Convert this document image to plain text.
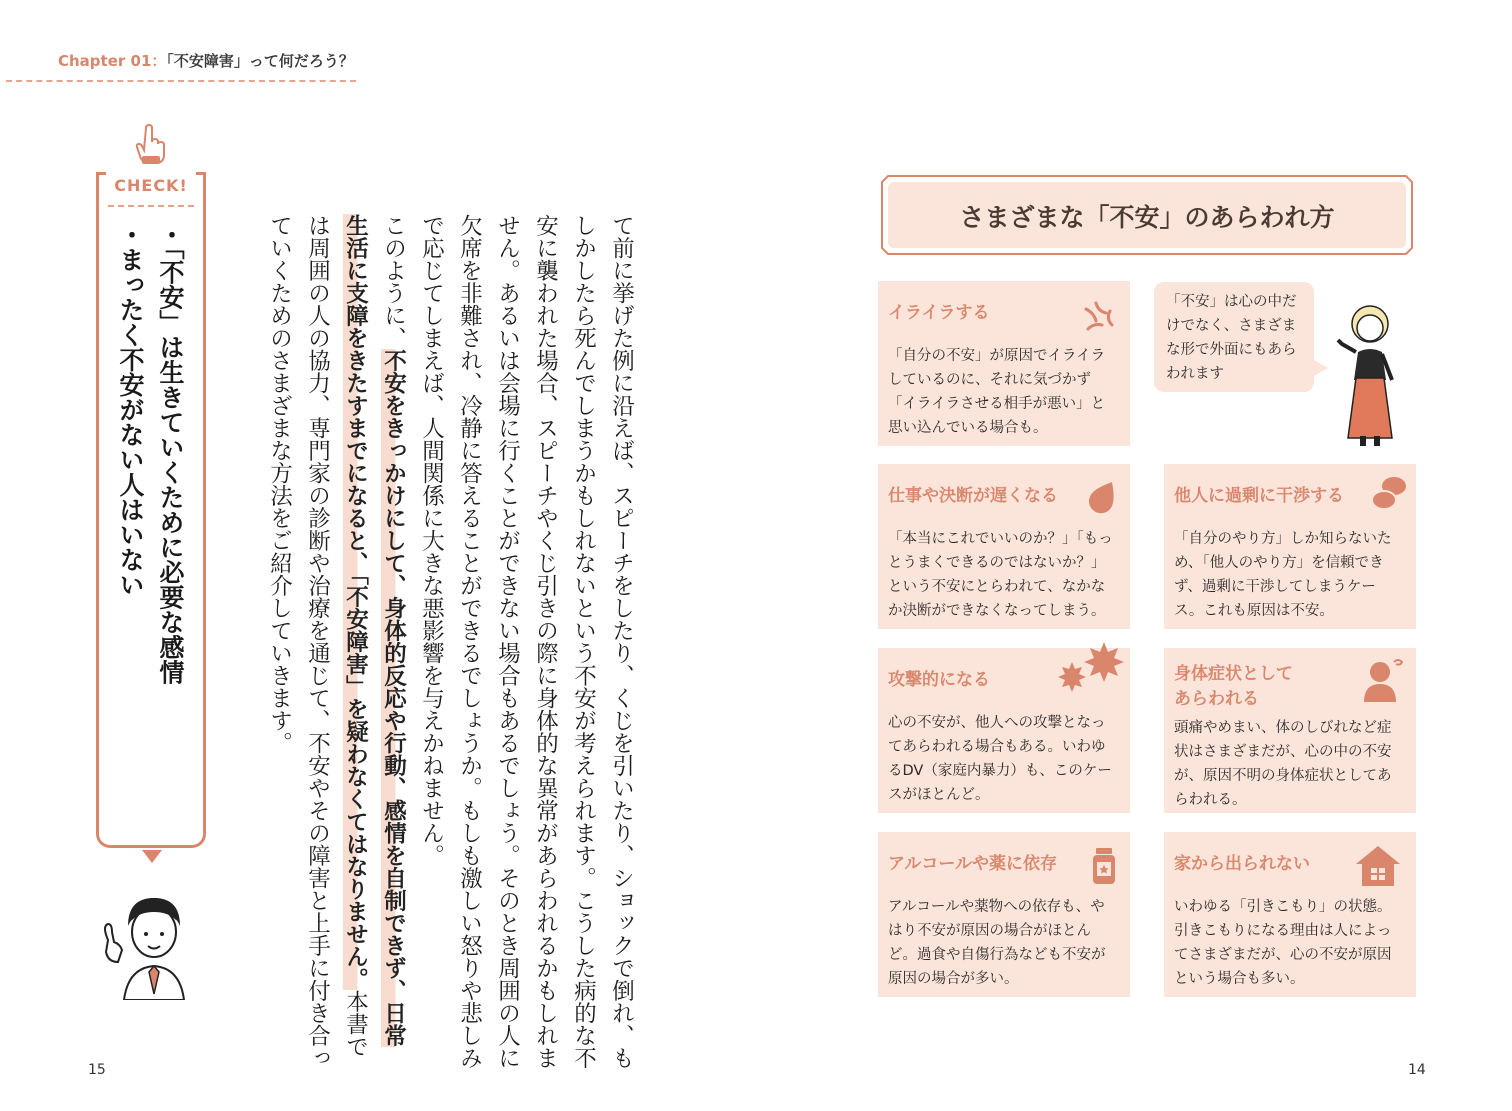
Chapter 01：「不安障害」って何だろう？
CHECK!
・「不安」は生きていくために必要な感情
・まったく不安がない人はいない	て前に挙げた例に沿えば、スピーチをしたり、くじを引いたり、ショックで倒れ、も
しかしたら死んでしまうかもしれないという不安が考えられます。こうした病的な不
安に襲われた場合、スピーチやくじ引きの際に身体的な異常があらわれるかもしれま
せん。あるいは会場に行くことができない場合もあるでしょう。そのとき周囲の人に
欠席を非難され、冷静に答えることができるでしょうか。もしも激しい怒りや悲しみ
で応じてしまえば、人間関係に大きな悪影響を与えかねません。
このように、不安をきっかけにして、身体的反応や行動、感情を自制できず、日常
生活に支障をきたすまでになると、「不安障害」を疑わなくてはなりません。本書で
は周囲の人の協力、専門家の診断や治療を通じて、不安やその障害と上手に付き合っ
ていくためのさまざまな方法をご紹介していきます。
15
さまざまな「不安」のあらわれ方
イライラする
「自分の不安」が原因でイライラしているのに、それに気づかず「イライラさせる相手が悪い」と思い込んでいる場合も。
「不安」は心の中だけでなく、さまざまな形で外面にもあらわれます
仕事や決断が遅くなる
「本当にこれでいいのか？」「もっとうまくできるのではないか？」という不安にとらわれて、なかなか決断ができなくなってしまう。
他人に過剰に干渉する
「自分のやり方」しか知らないため、「他人のやり方」を信頼できず、過剰に干渉してしまうケース。これも原因は不安。
攻撃的になる
心の不安が、他人への攻撃となってあらわれる場合もある。いわゆるDV（家庭内暴力）も、このケースがほとんど。
身体症状として
あらわれる
頭痛やめまい、体のしびれなど症状はさまざまだが、心の中の不安が、原因不明の身体症状としてあらわれる。
アルコールや薬に依存
アルコールや薬物への依存も、やはり不安が原因の場合がほとんど。過食や自傷行為なども不安が原因の場合が多い。
家から出られない
いわゆる「引きこもり」の状態。引きこもりになる理由は人によってさまざまだが、心の不安が原因という場合も多い。
14
